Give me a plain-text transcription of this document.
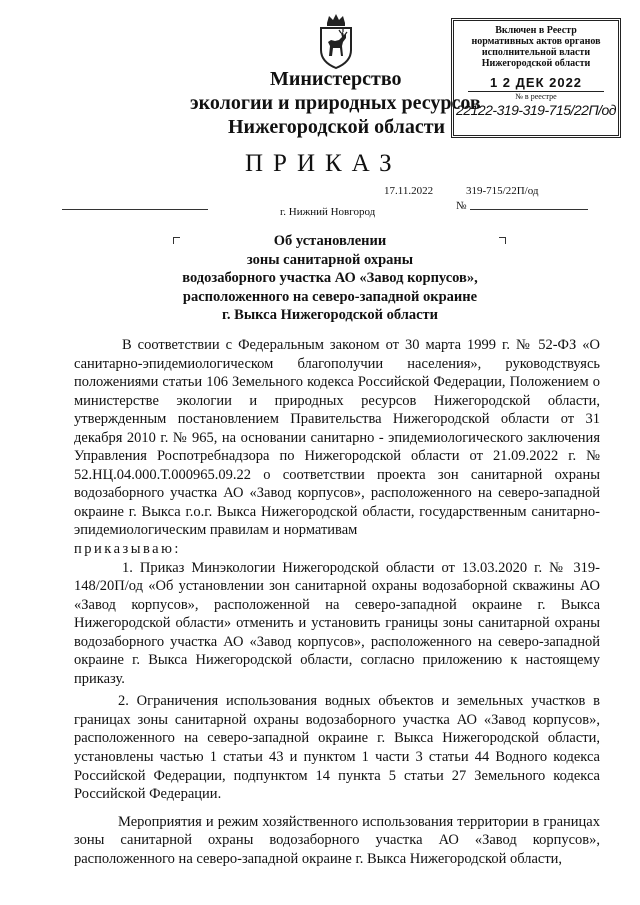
Министерство
экологии и природных ресурсов
Нижегородской области
Включен в Реестр
нормативных актов органов
исполнительной власти
Нижегородской области
1 2 ДЕК 2022
№ в реестре
22122-319-319-715/22П/од
ПРИКАЗ
17.11.2022	319-715/22П/од
№
г. Нижний Новгород
Об установлении
зоны санитарной охраны
водозаборного участка АО «Завод корпусов»,
расположенного на северо-западной окраине
г. Выкса Нижегородской области
В соответствии с Федеральным законом от 30 марта 1999 г. № 52-ФЗ «О санитарно-эпидемиологическом благополучии населения», руководствуясь положениями статьи 106 Земельного кодекса Российской Федерации, Положением о министерстве экологии и природных ресурсов Нижегородской области, утвержденным постановлением Правительства Нижегородской области от 31 декабря 2010 г. № 965, на основании санитарно - эпидемиологического заключения Управления Роспотребнадзора по Нижегородской области от 21.09.2022 г. № 52.НЦ.04.000.Т.000965.09.22 о соответствии проекта зон санитарной охраны водозаборного участка АО «Завод корпусов», расположенного на северо-западной окраине г. Выкса г.о.г. Выкса Нижегородской области, государственным санитарно-эпидемиологическим правилам и нормативам
приказываю:
1. Приказ Минэкологии Нижегородской области от 13.03.2020 г. № 319-148/20П/од «Об установлении зон санитарной охраны водозаборной скважины АО «Завод корпусов», расположенной на северо-западной окраине г. Выкса Нижегородской области» отменить и установить границы зоны санитарной охраны водозаборного участка АО «Завод корпусов», расположенного на северо-западной окраине г. Выкса Нижегородской области, согласно приложению к настоящему приказу.
2. Ограничения использования водных объектов и земельных участков в границах зоны санитарной охраны водозаборного участка АО «Завод корпусов», расположенного на северо-западной окраине г. Выкса Нижегородской области, установлены частью 1 статьи 43 и пунктом 1 части 3 статьи 44 Водного кодекса Российской Федерации, подпунктом 14 пункта 5 статьи 27 Земельного кодекса Российской Федерации.
Мероприятия и режим хозяйственного использования территории в границах зоны санитарной охраны водозаборного участка АО «Завод корпусов», расположенного на северо-западной окраине г. Выкса Нижегородской области,
